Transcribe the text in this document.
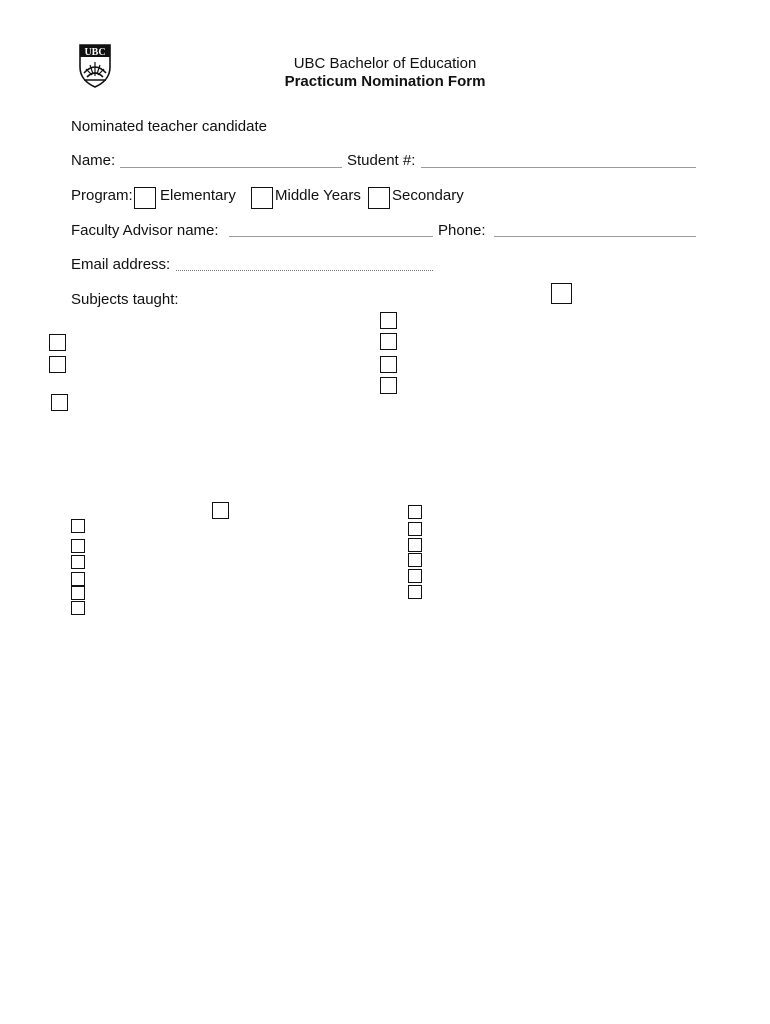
UBC
UBC Bachelor of Education
Practicum Nomination Form
Nominated teacher candidate
Name:	Student #:
Program: Elementary	Middle Years Secondary
Faculty Advisor name:	Phone:
Email address:
Subjects taught:
